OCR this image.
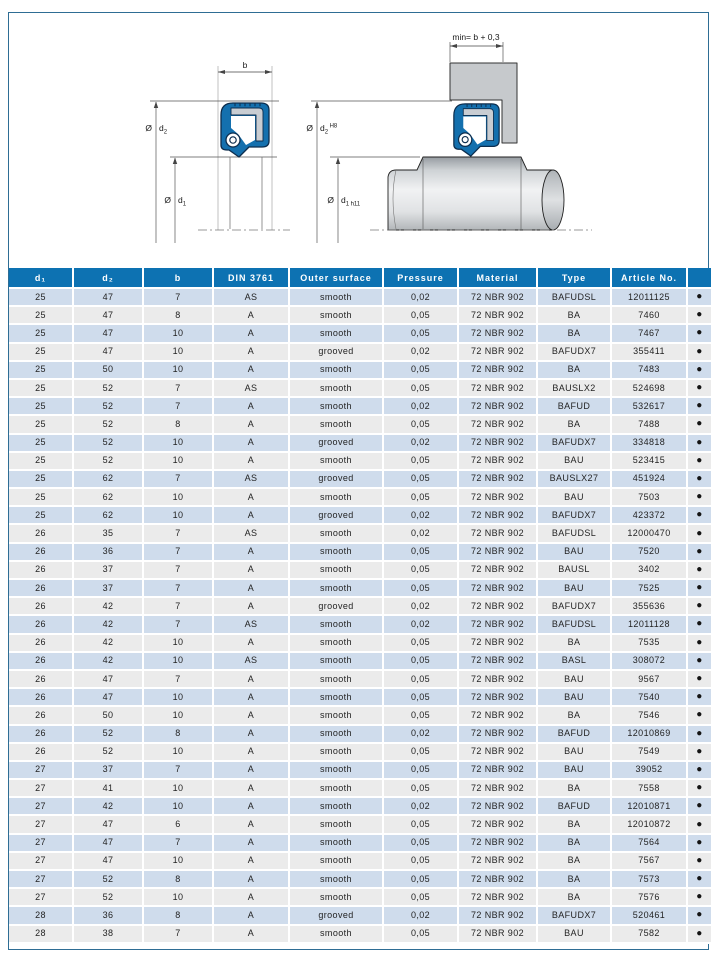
b
Ø $d_2$
Ø $d_1$
min= b + 0,3
Ø $d_2^{H8}$
Ø $d_1$ h11
d₁	d₂	b	DIN 3761	Outer surface	Pressure	Material	Type	Article No.	
25	47	7	AS	smooth	0,02	72 NBR 902	BAFUDSL	12011125	●
25	47	8	A	smooth	0,05	72 NBR 902	BA	7460	●
25	47	10	A	smooth	0,05	72 NBR 902	BA	7467	●
25	47	10	A	grooved	0,02	72 NBR 902	BAFUDX7	355411	●
25	50	10	A	smooth	0,05	72 NBR 902	BA	7483	●
25	52	7	AS	smooth	0,05	72 NBR 902	BAUSLX2	524698	●
25	52	7	A	smooth	0,02	72 NBR 902	BAFUD	532617	●
25	52	8	A	smooth	0,05	72 NBR 902	BA	7488	●
25	52	10	A	grooved	0,02	72 NBR 902	BAFUDX7	334818	●
25	52	10	A	smooth	0,05	72 NBR 902	BAU	523415	●
25	62	7	AS	grooved	0,05	72 NBR 902	BAUSLX27	451924	●
25	62	10	A	smooth	0,05	72 NBR 902	BAU	7503	●
25	62	10	A	grooved	0,02	72 NBR 902	BAFUDX7	423372	●
26	35	7	AS	smooth	0,02	72 NBR 902	BAFUDSL	12000470	●
26	36	7	A	smooth	0,05	72 NBR 902	BAU	7520	●
26	37	7	A	smooth	0,05	72 NBR 902	BAUSL	3402	●
26	37	7	A	smooth	0,05	72 NBR 902	BAU	7525	●
26	42	7	A	grooved	0,02	72 NBR 902	BAFUDX7	355636	●
26	42	7	AS	smooth	0,02	72 NBR 902	BAFUDSL	12011128	●
26	42	10	A	smooth	0,05	72 NBR 902	BA	7535	●
26	42	10	AS	smooth	0,05	72 NBR 902	BASL	308072	●
26	47	7	A	smooth	0,05	72 NBR 902	BAU	9567	●
26	47	10	A	smooth	0,05	72 NBR 902	BAU	7540	●
26	50	10	A	smooth	0,05	72 NBR 902	BA	7546	●
26	52	8	A	smooth	0,02	72 NBR 902	BAFUD	12010869	●
26	52	10	A	smooth	0,05	72 NBR 902	BAU	7549	●
27	37	7	A	smooth	0,05	72 NBR 902	BAU	39052	●
27	41	10	A	smooth	0,05	72 NBR 902	BA	7558	●
27	42	10	A	smooth	0,02	72 NBR 902	BAFUD	12010871	●
27	47	6	A	smooth	0,05	72 NBR 902	BA	12010872	●
27	47	7	A	smooth	0,05	72 NBR 902	BA	7564	●
27	47	10	A	smooth	0,05	72 NBR 902	BA	7567	●
27	52	8	A	smooth	0,05	72 NBR 902	BA	7573	●
27	52	10	A	smooth	0,05	72 NBR 902	BA	7576	●
28	36	8	A	grooved	0,02	72 NBR 902	BAFUDX7	520461	●
28	38	7	A	smooth	0,05	72 NBR 902	BAU	7582	●
